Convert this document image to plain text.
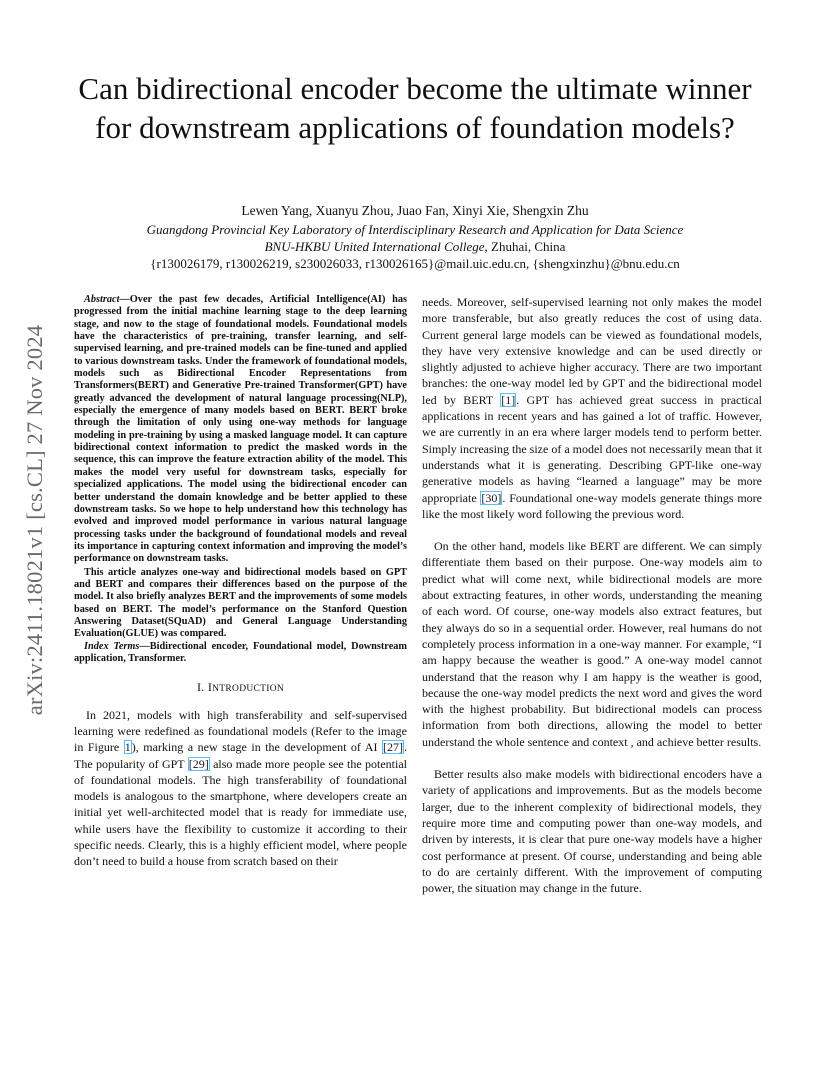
arXiv:2411.18021v1 [cs.CL] 27 Nov 2024
Can bidirectional encoder become the ultimate winner for downstream applications of foundation models?
Lewen Yang, Xuanyu Zhou, Juao Fan, Xinyi Xie, Shengxin Zhu
Guangdong Provincial Key Laboratory of Interdisciplinary Research and Application for Data Science
BNU-HKBU United International College, Zhuhai, China
{r130026179, r130026219, s230026033, r130026165}@mail.uic.edu.cn, {shengxinzhu}@bnu.edu.cn

Abstract—Over the past few decades, Artificial Intelligence(AI) has progressed from the initial machine learning stage to the deep learning stage, and now to the stage of foundational models. Foundational models have the characteristics of pre-training, transfer learning, and self-supervised learning, and pre-trained models can be fine-tuned and applied to various downstream tasks. Under the framework of foundational models, models such as Bidirectional Encoder Representations from Transformers(BERT) and Generative Pre-trained Transformer(GPT) have greatly advanced the development of natural language processing(NLP), especially the emergence of many models based on BERT. BERT broke through the limitation of only using one-way methods for language modeling in pre-training by using a masked language model. It can capture bidirectional context information to predict the masked words in the sequence, this can improve the feature extraction ability of the model. This makes the model very useful for downstream tasks, especially for specialized applications. The model using the bidirectional encoder can better understand the domain knowledge and be better applied to these downstream tasks. So we hope to help understand how this technology has evolved and improved model performance in various natural language processing tasks under the background of foundational models and reveal its importance in capturing context information and improving the model’s performance on downstream tasks.

This article analyzes one-way and bidirectional models based on GPT and BERT and compares their differences based on the purpose of the model. It also briefly analyzes BERT and the improvements of some models based on BERT. The model’s performance on the Stanford Question Answering Dataset(SQuAD) and General Language Understanding Evaluation(GLUE) was compared.

Index Terms—Bidirectional encoder, Foundational model, Downstream application, Transformer.

I. INTRODUCTION

In 2021, models with high transferability and self-supervised learning were redefined as foundational models (Refer to the image in Figure 1), marking a new stage in the development of AI [27]. The popularity of GPT [29] also made more people see the potential of foundational models. The high transferability of foundational models is analogous to the smartphone, where developers create an initial yet well-architected model that is ready for immediate use, while users have the flexibility to customize it according to their specific needs. Clearly, this is a highly efficient model, where people don’t need to build a house from scratch based on their

needs. Moreover, self-supervised learning not only makes the model more transferable, but also greatly reduces the cost of using data. Current general large models can be viewed as foundational models, they have very extensive knowledge and can be used directly or slightly adjusted to achieve higher accuracy. There are two important branches: the one-way model led by GPT and the bidirectional model led by BERT [1]. GPT has achieved great success in practical applications in recent years and has gained a lot of traffic. However, we are currently in an era where larger models tend to perform better. Simply increasing the size of a model does not necessarily mean that it understands what it is generating. Describing GPT-like one-way generative models as having “learned a language” may be more appropriate [30]. Foundational one-way models generate things more like the most likely word following the previous word.

On the other hand, models like BERT are different. We can simply differentiate them based on their purpose. One-way models aim to predict what will come next, while bidirectional models are more about extracting features, in other words, understanding the meaning of each word. Of course, one-way models also extract features, but they always do so in a sequential order. However, real humans do not completely process information in a one-way manner. For example, “I am happy because the weather is good.” A one-way model cannot understand that the reason why I am happy is the weather is good, because the one-way model predicts the next word and gives the word with the highest probability. But bidirectional models can process information from both directions, allowing the model to better understand the whole sentence and context , and achieve better results.

Better results also make models with bidirectional encoders have a variety of applications and improvements. But as the models become larger, due to the inherent complexity of bidirectional models, they require more time and computing power than one-way models, and driven by interests, it is clear that pure one-way models have a higher cost performance at present. Of course, understanding and being able to do are certainly different. With the improvement of computing power, the situation may change in the future.
